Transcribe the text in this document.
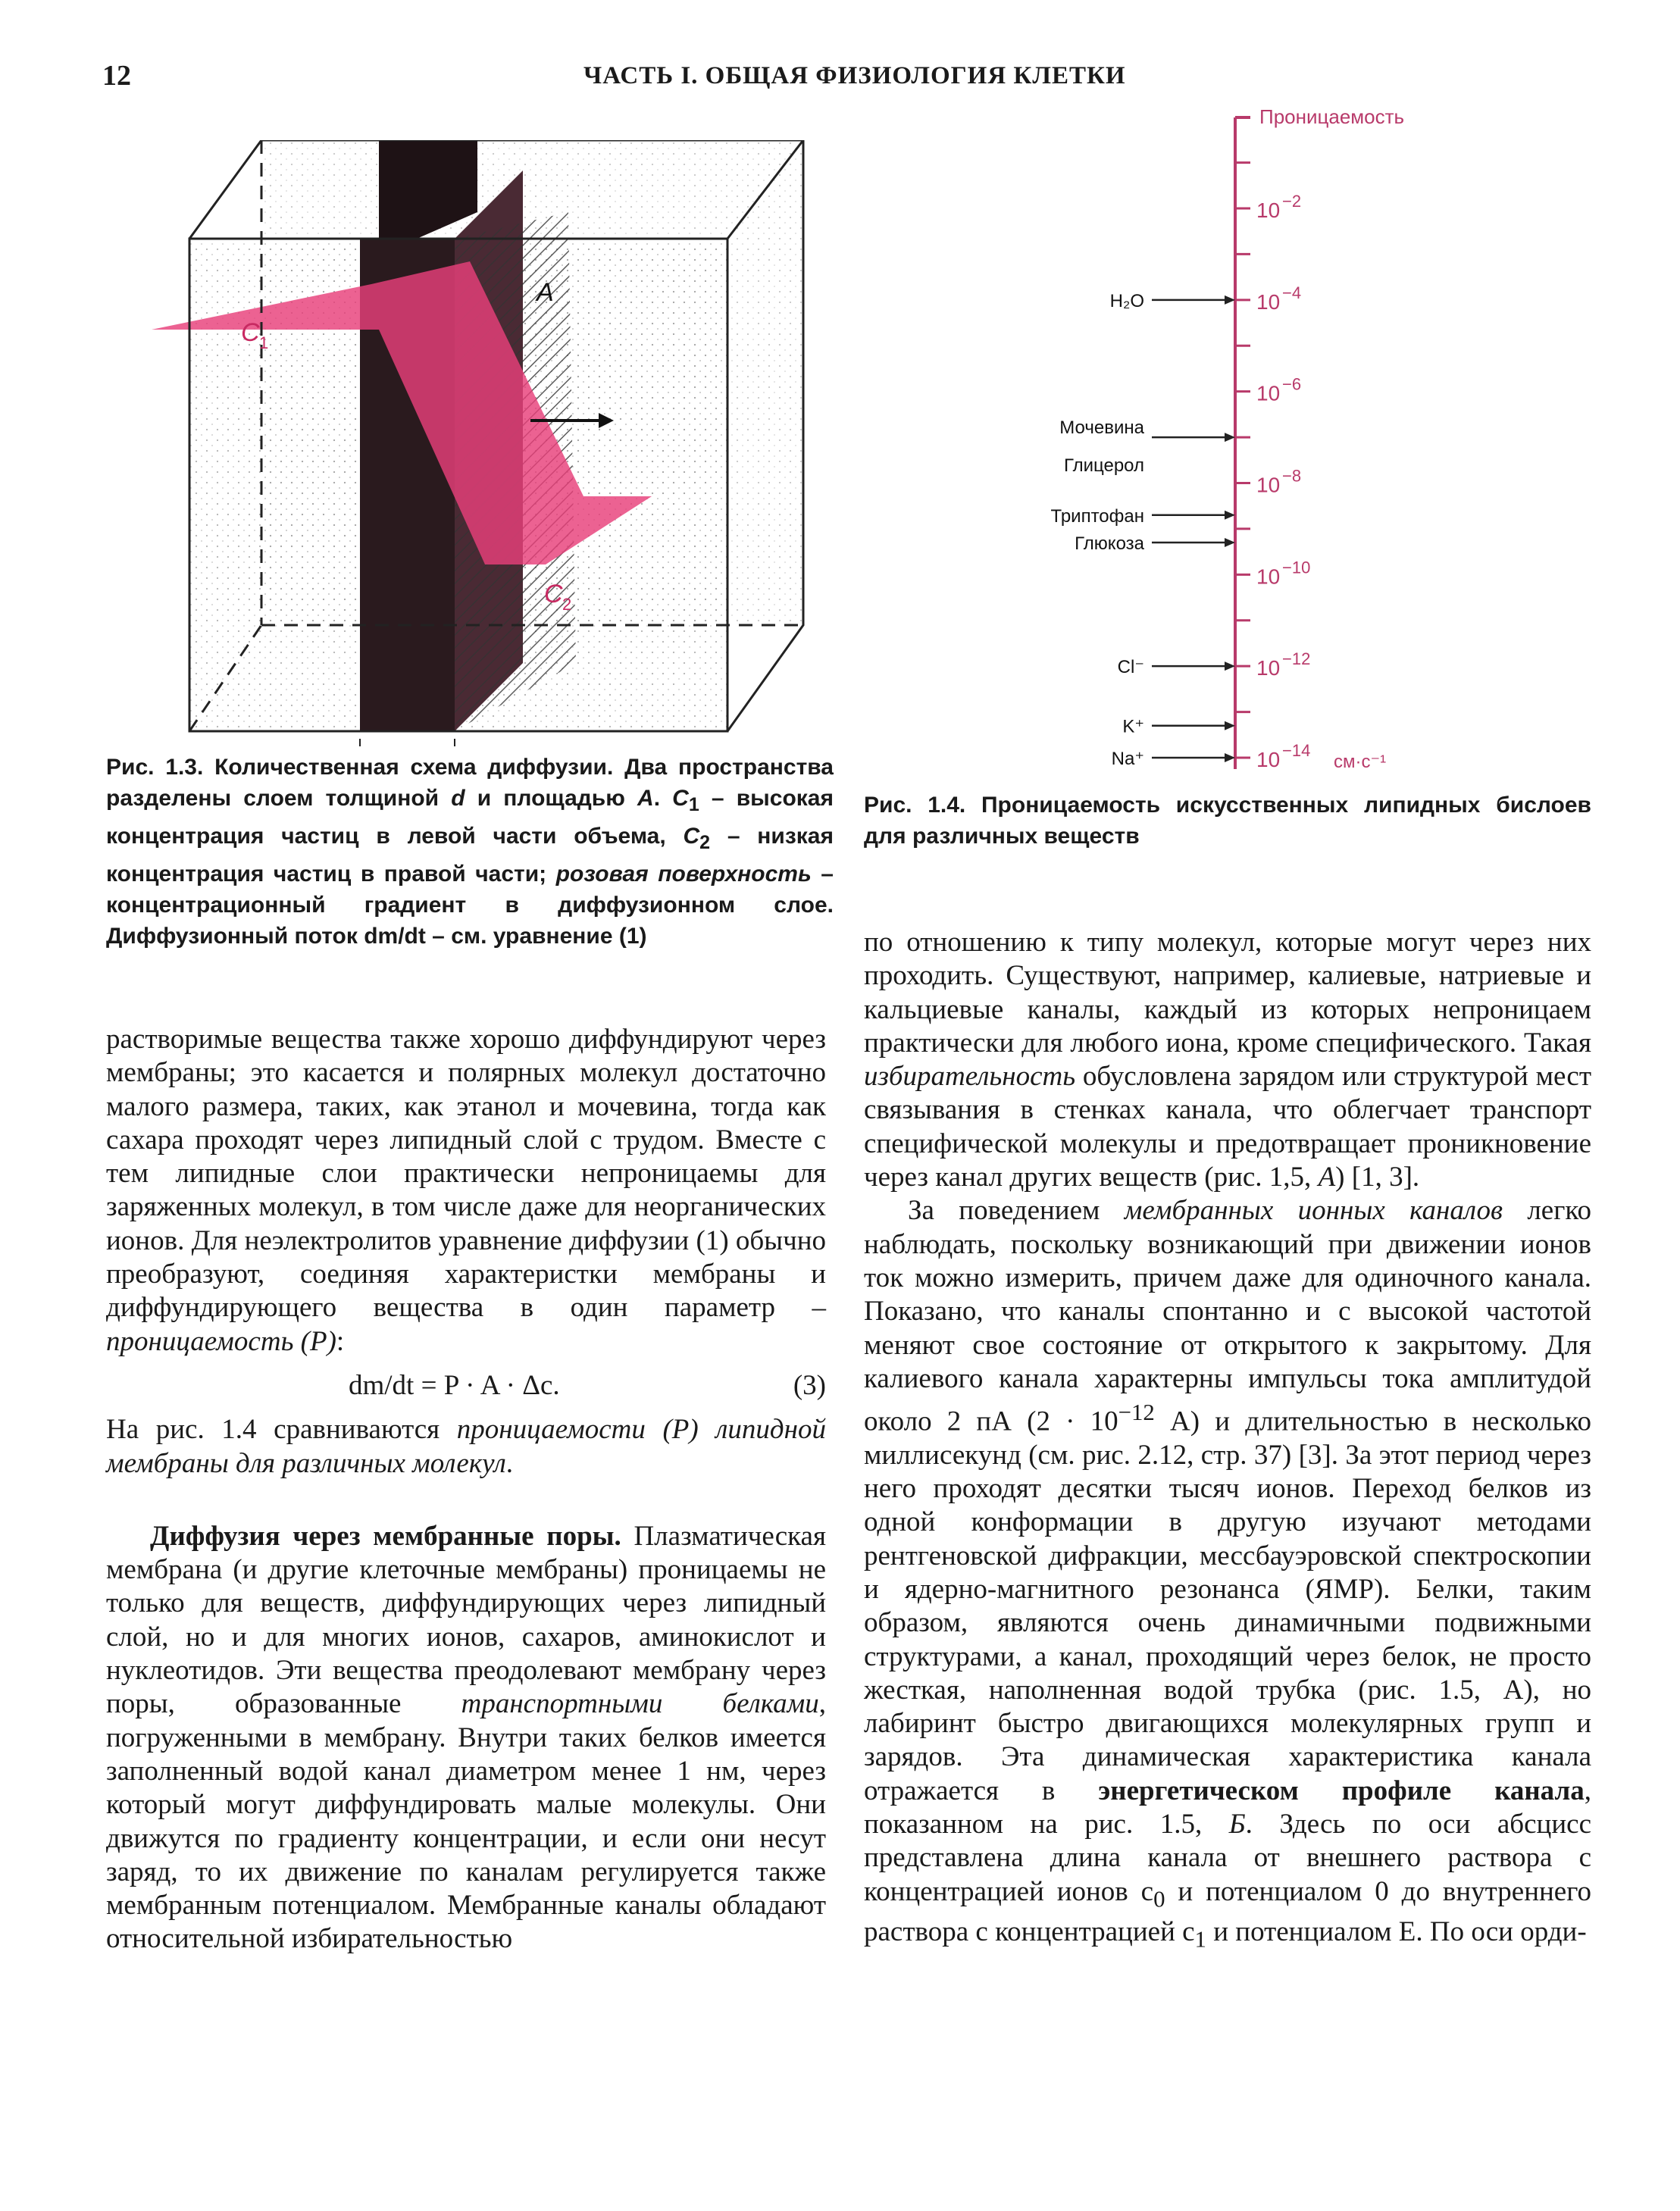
12	ЧАСТЬ I. ОБЩАЯ ФИЗИОЛОГИЯ КЛЕТКИ
C 1
A
C 2
Проницаемость
10 −2
10 −4
10 −6
10 −8
10 −10
10 −12
10 −14
H₂O
Мочевина
Глицерол
Триптофан
Глюкоза
Cl⁻
K⁺
Na⁺	см·с⁻¹
Рис. 1.3. Количественная схема диффузии. Два пространства разделены слоем толщиной d и площадью A. $C_1$ – высокая концентрация частиц в левой части объема, $C_2$ – низкая концентрация частиц в правой части; розовая поверхность – концентрационный градиент в диффузионном слое. Диффузионный поток dm/dt – см. уравнение (1)
Рис. 1.4. Проницаемость искусственных липидных бислоев для различных веществ

растворимые вещества также хорошо диффундируют через мембраны; это касается и полярных молекул достаточно малого размера, таких, как этанол и мочевина, тогда как сахара проходят через липидный слой с трудом. Вместе с тем липидные слои практически непроницаемы для заряженных молекул, в том числе даже для неорганических ионов. Для неэлектролитов уравнение диффузии (1) обычно преобразуют, соединяя характеристки мембраны и диффундирующего вещества в один параметр – проницаемость (P):

dm/dt = P · A · Δc.	(3)

На рис. 1.4 сравниваются проницаемости (P) липидной мембраны для различных молекул.

Диффузия через мембранные поры. Плазматическая мембрана (и другие клеточные мембраны) проницаемы не только для веществ, диффундирующих через липидный слой, но и для многих ионов, сахаров, аминокислот и нуклеотидов. Эти вещества преодолевают мембрану через поры, образованные транспортными белками, погруженными в мембрану. Внутри таких белков имеется заполненный водой канал диаметром менее 1 нм, через который могут диффундировать малые молекулы. Они движутся по градиенту концентрации, и если они несут заряд, то их движение по каналам регулируется также мембранным потенциалом. Мембранные каналы обладают относительной избирательностью

по отношению к типу молекул, которые могут через них проходить. Существуют, например, калиевые, натриевые и кальциевые каналы, каждый из которых непроницаем практически для любого иона, кроме специфического. Такая избирательность обусловлена зарядом или структурой мест связывания в стенках канала, что облегчает транспорт специфической молекулы и предотвращает проникновение через канал других веществ (рис. 1,5, А) [1, 3].

За поведением мембранных ионных каналов легко наблюдать, поскольку возникающий при движении ионов ток можно измерить, причем даже для одиночного канала. Показано, что каналы спонтанно и с высокой частотой меняют свое состояние от открытого к закрытому. Для калиевого канала характерны импульсы тока амплитудой около 2 пА ($2 \cdot 10^{-12}$ А) и длительностью в несколько миллисекунд (см. рис. 2.12, стр. 37) [3]. За этот период через него проходят десятки тысяч ионов. Переход белков из одной конформации в другую изучают методами рентгеновской дифракции, мессбауэровской спектроскопии и ядерно-магнитного резонанса (ЯМР). Белки, таким образом, являются очень динамичными подвижными структурами, а канал, проходящий через белок, не просто жесткая, наполненная водой трубка (рис. 1.5, А), но лабиринт быстро двигающихся молекулярных групп и зарядов. Эта динамическая характеристика канала отражается в энергетическом профиле канала, показанном на рис. 1.5, Б. Здесь по оси абсцисс представлена длина канала от внешнего раствора с концентрацией ионов $c_0$ и потенциалом 0 до внутреннего раствора с концентрацией $c_1$ и потенциалом E. По оси орди-
